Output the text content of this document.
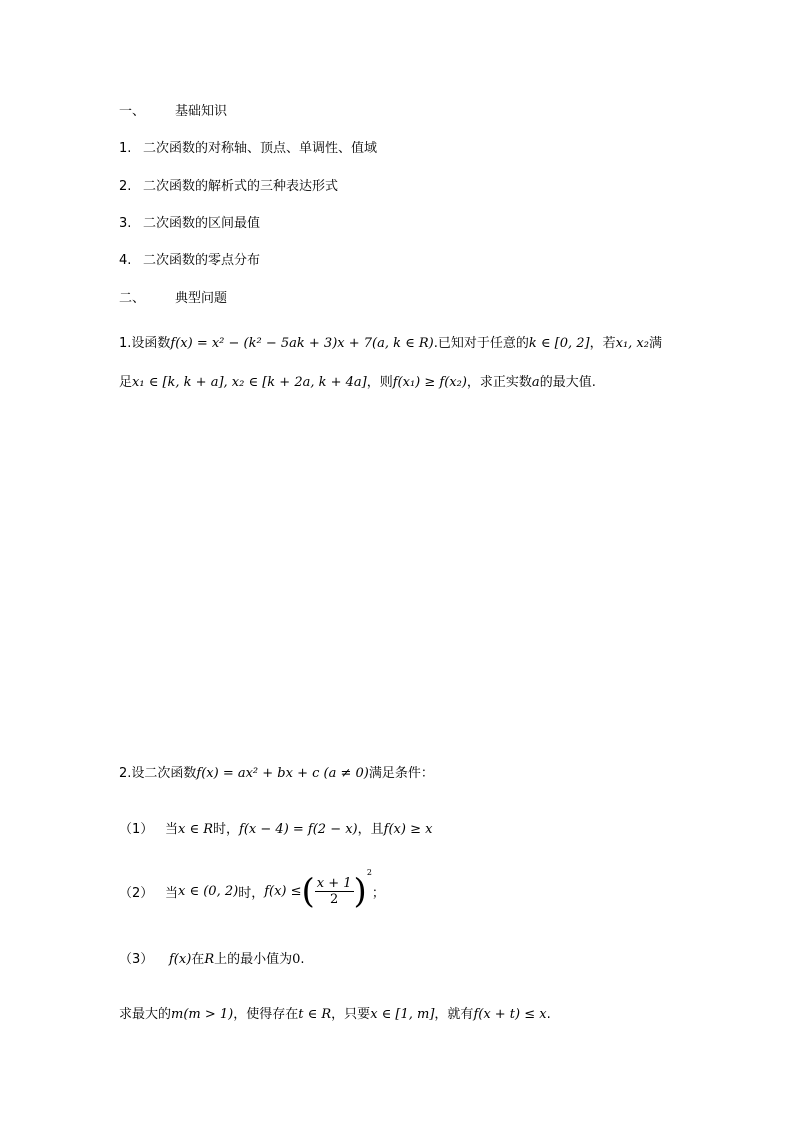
一、 基础知识
1. 二次函数的对称轴、顶点、单调性、值域
2. 二次函数的解析式的三种表达形式
3. 二次函数的区间最值
4. 二次函数的零点分布
二、 典型问题
1.设函数f(x) = x² − (k² − 5ak + 3)x + 7(a, k ∈ R).已知对于任意的k ∈ [0, 2]，若x₁, x₂满
足x₁ ∈ [k, k + a], x₂ ∈ [k + 2a, k + 4a]，则f(x₁) ≥ f(x₂)，求正实数a的最大值.
2.设二次函数f(x) = ax² + bx + c (a ≠ 0)满足条件：
（1） 当x ∈ R时，f(x − 4) = f(2 − x)，且f(x) ≥ x
（2） 当x ∈ (0, 2)时，f(x) ≤( $\frac{x + 1}{2} )^2$；
（3） f(x)在R上的最小值为0.
求最大的m(m > 1)，使得存在t ∈ R，只要x ∈ [1, m]，就有f(x + t) ≤ x.
